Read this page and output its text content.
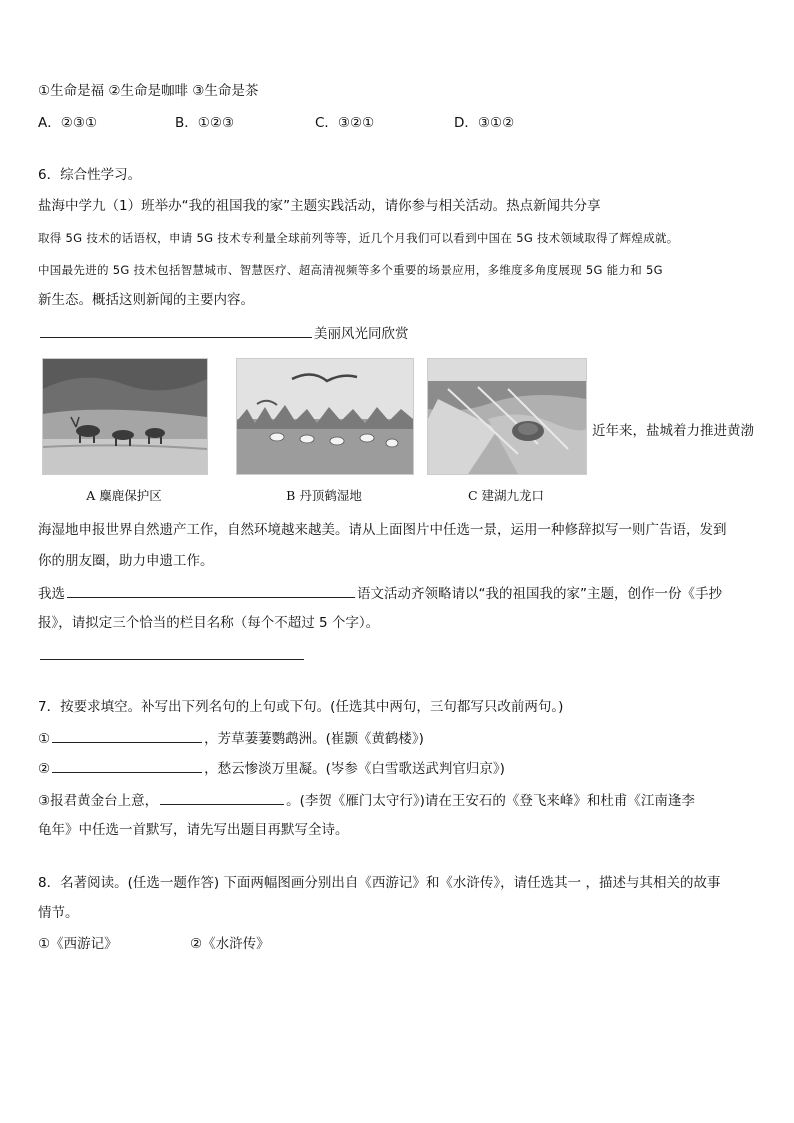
①生命是福 ②生命是咖啡 ③生命是茶
A．②③①	B．①②③	C．③②①	D．③①②
6．综合性学习。
盐海中学九（1）班举办“我的祖国我的家”主题实践活动，请你参与相关活动。热点新闻共分享
取得 5G 技术的话语权，申请 5G 技术专利量全球前列等等，近几个月我们可以看到中国在 5G 技术领域取得了辉煌成就。
中国最先进的 5G 技术包括智慧城市、智慧医疗、超高清视频等多个重要的场景应用，多维度多角度展现 5G 能力和 5G
新生态。概括这则新闻的主要内容。
美丽风光同欣赏
近年来，盐城着力推进黄渤
A 麋鹿保护区	B 丹顶鹤湿地	C 建湖九龙口
海湿地申报世界自然遗产工作，自然环境越来越美。请从上面图片中任选一景，运用一种修辞拟写一则广告语，发到
你的朋友圈，助力申遗工作。
我选	语文活动齐领略请以“我的祖国我的家”主题，创作一份《手抄
报》，请拟定三个恰当的栏目名称（每个不超过 5 个字）。
7．按要求填空。补写出下列名句的上句或下句。(任选其中两句，三句都写只改前两句。)
①	，芳草萋萋鹦鹉洲。(崔颢《黄鹤楼》)
②	，愁云惨淡万里凝。(岑参《白雪歌送武判官归京》)
③报君黄金台上意，	。(李贺《雁门太守行》)请在王安石的《登飞来峰》和杜甫《江南逢李
龟年》中任选一首默写，请先写出题目再默写全诗。
8．名著阅读。(任选一题作答) 下面两幅图画分别出自《西游记》和《水浒传》，请任选其一 ，描述与其相关的故事
情节。
①《西游记》	②《水浒传》
